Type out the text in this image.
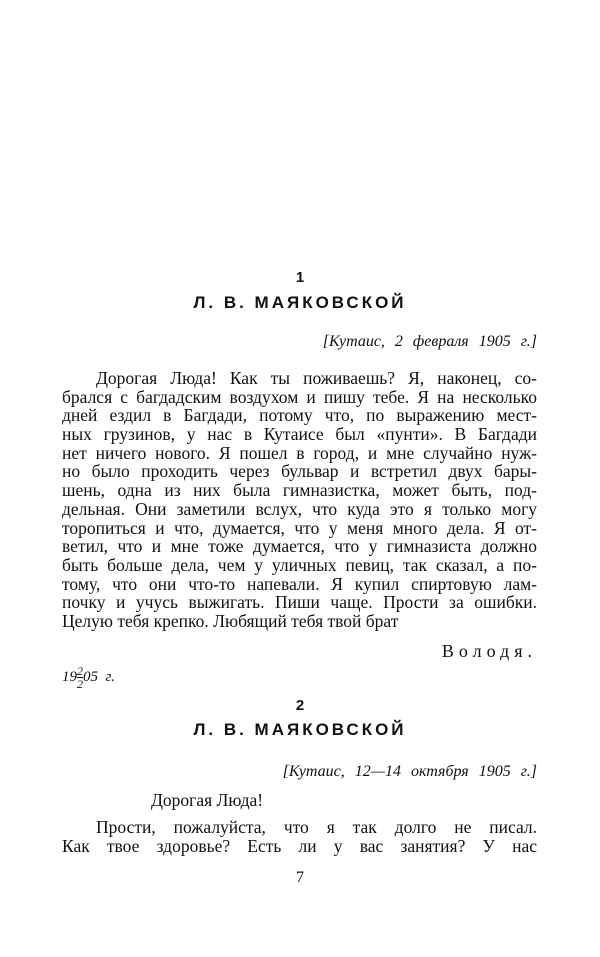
1
Л. В. МАЯКОВСКОЙ
[Кутаис, 2 февраля 1905 г.]
Дорогая Люда! Как ты поживаешь? Я, наконец, со-
брался с багдадским воздухом и пишу тебе. Я на несколько
дней ездил в Багдади, потому что, по выражению мест-
ных грузинов, у нас в Кутаисе был «пунти». В Багдади
нет ничего нового. Я пошел в город, и мне случайно нуж-
но было проходить через бульвар и встретил двух бары-
шень, одна из них была гимназистка, может быть, под-
дельная. Они заметили вслух, что куда это я только могу
торопиться и что, думается, что у меня много дела. Я от-
ветил, что и мне тоже думается, что у гимназиста должно
быть больше дела, чем у уличных певиц, так сказал, а по-
тому, что они что-то напевали. Я купил спиртовую лам-
почку и учусь выжигать. Пиши чаще. Прости за ошибки.
Целую тебя крепко. Любящий тебя твой брат
Володя.
$19 \frac{2}{2} 05$ г.
2
Л. В. МАЯКОВСКОЙ
[Кутаис, 12—14 октября 1905 г.]
Дорогая Люда!
Прости, пожалуйста, что я так долго не писал.
Как твое здоровье? Есть ли у вас занятия? У нас
7
